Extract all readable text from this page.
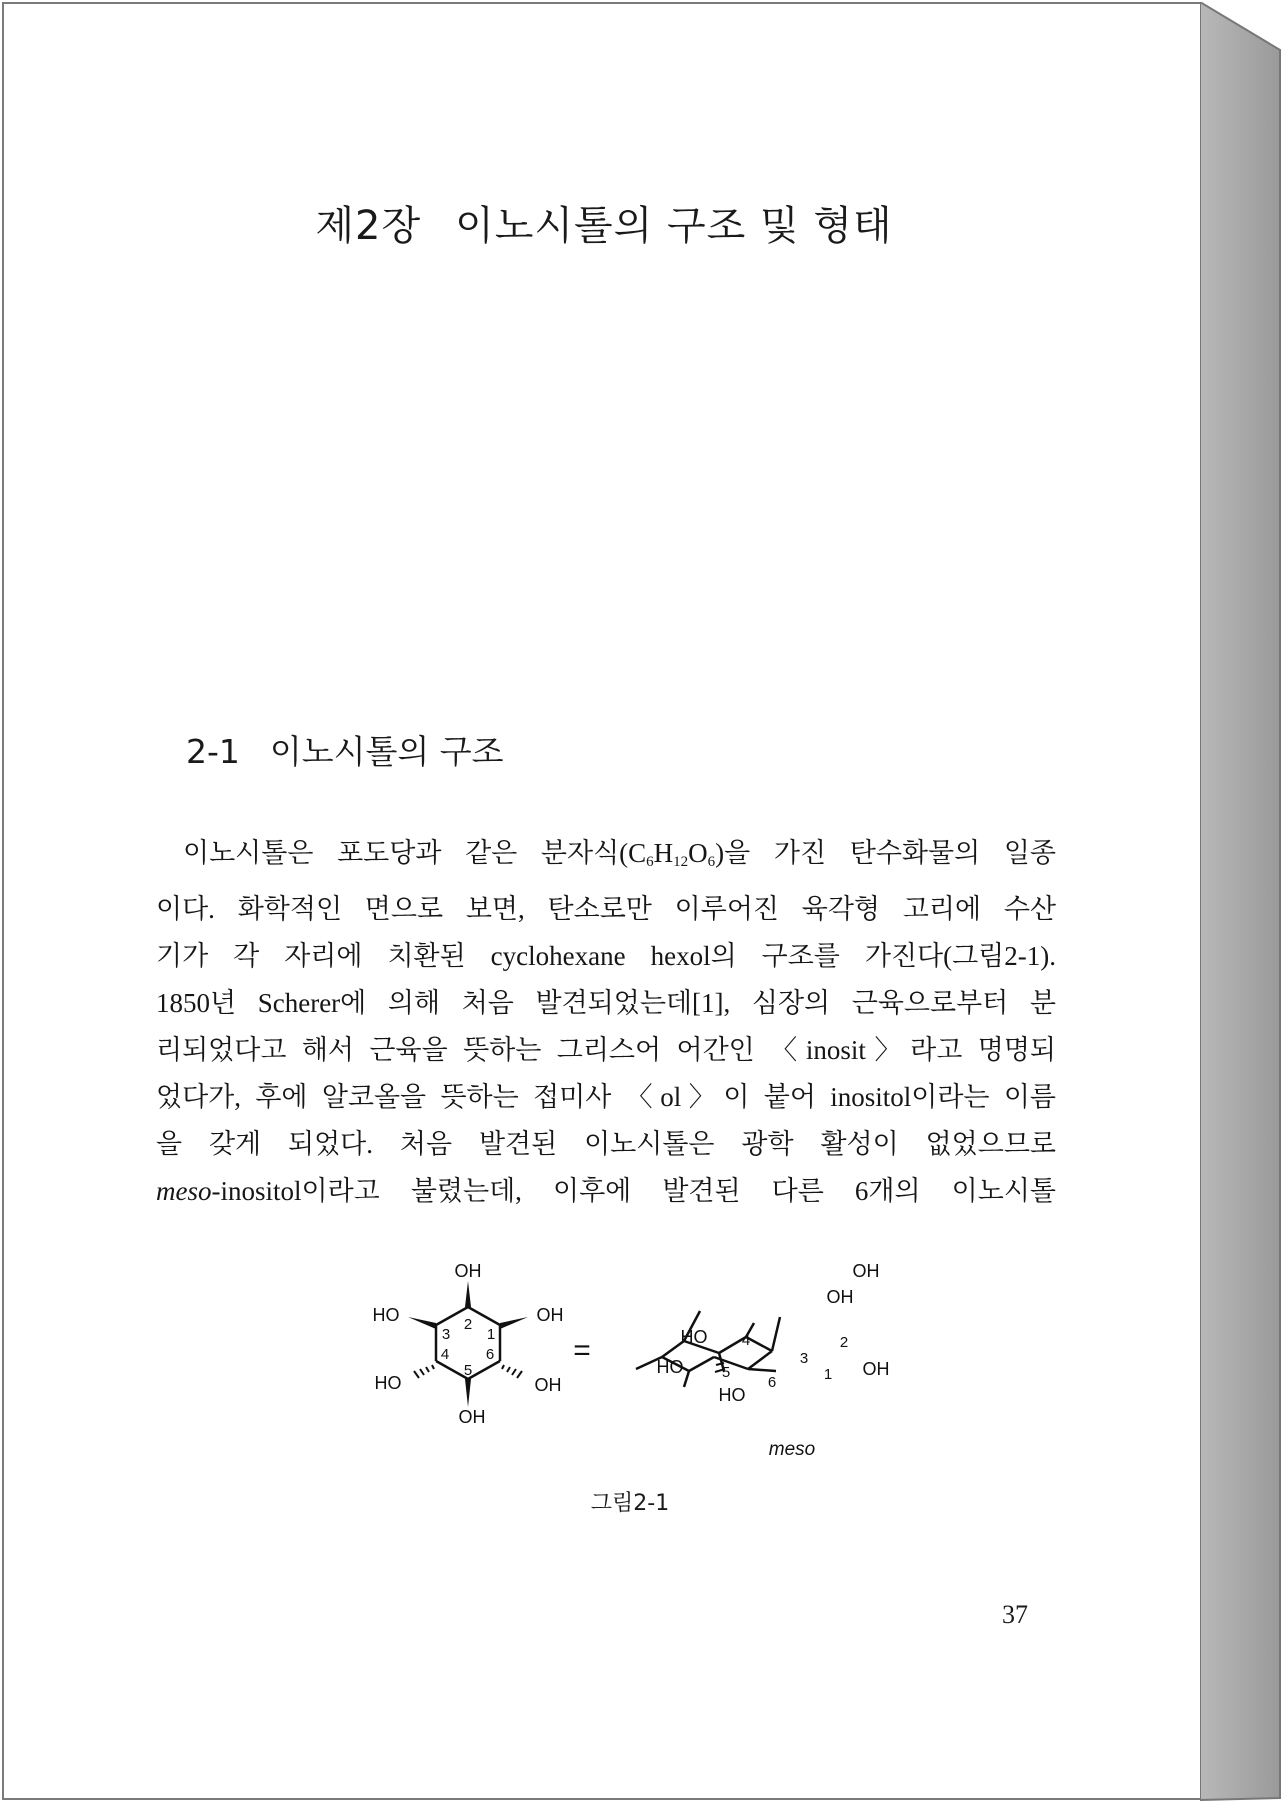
제2장 이노시톨의 구조 및 형태
2-1 이노시톨의 구조
 이노시톨은 포도당과 같은 분자식$(C_6H_{12}O_6)$을 가진 탄수화물의 일종
이다. 화학적인 면으로 보면, 탄소로만 이루어진 육각형 고리에 수산
기가 각 자리에 치환된 cyclohexane hexol의 구조를 가진다(그림2-1).
1850년 Scherer에 의해 처음 발견되었는데[1], 심장의 근육으로부터 분
리되었다고 해서 근육을 뜻하는 그리스어 어간인 〈inosit〉라고 명명되
었다가, 후에 알코올을 뜻하는 접미사 〈ol〉이 붙어 inositol이라는 이름
을 갖게 되었다. 처음 발견된 이노시톨은 광학 활성이 없었으므로
meso-inositol이라고 불렸는데, 이후에 발견된 다른 6개의 이노시톨
=
OH
HO	OH
HO	OH
OH
2
1
3
4 6
5
OH
OH
HO
HO	OH
HO
4
3
2
1
5
6
meso
그림2-1
37
